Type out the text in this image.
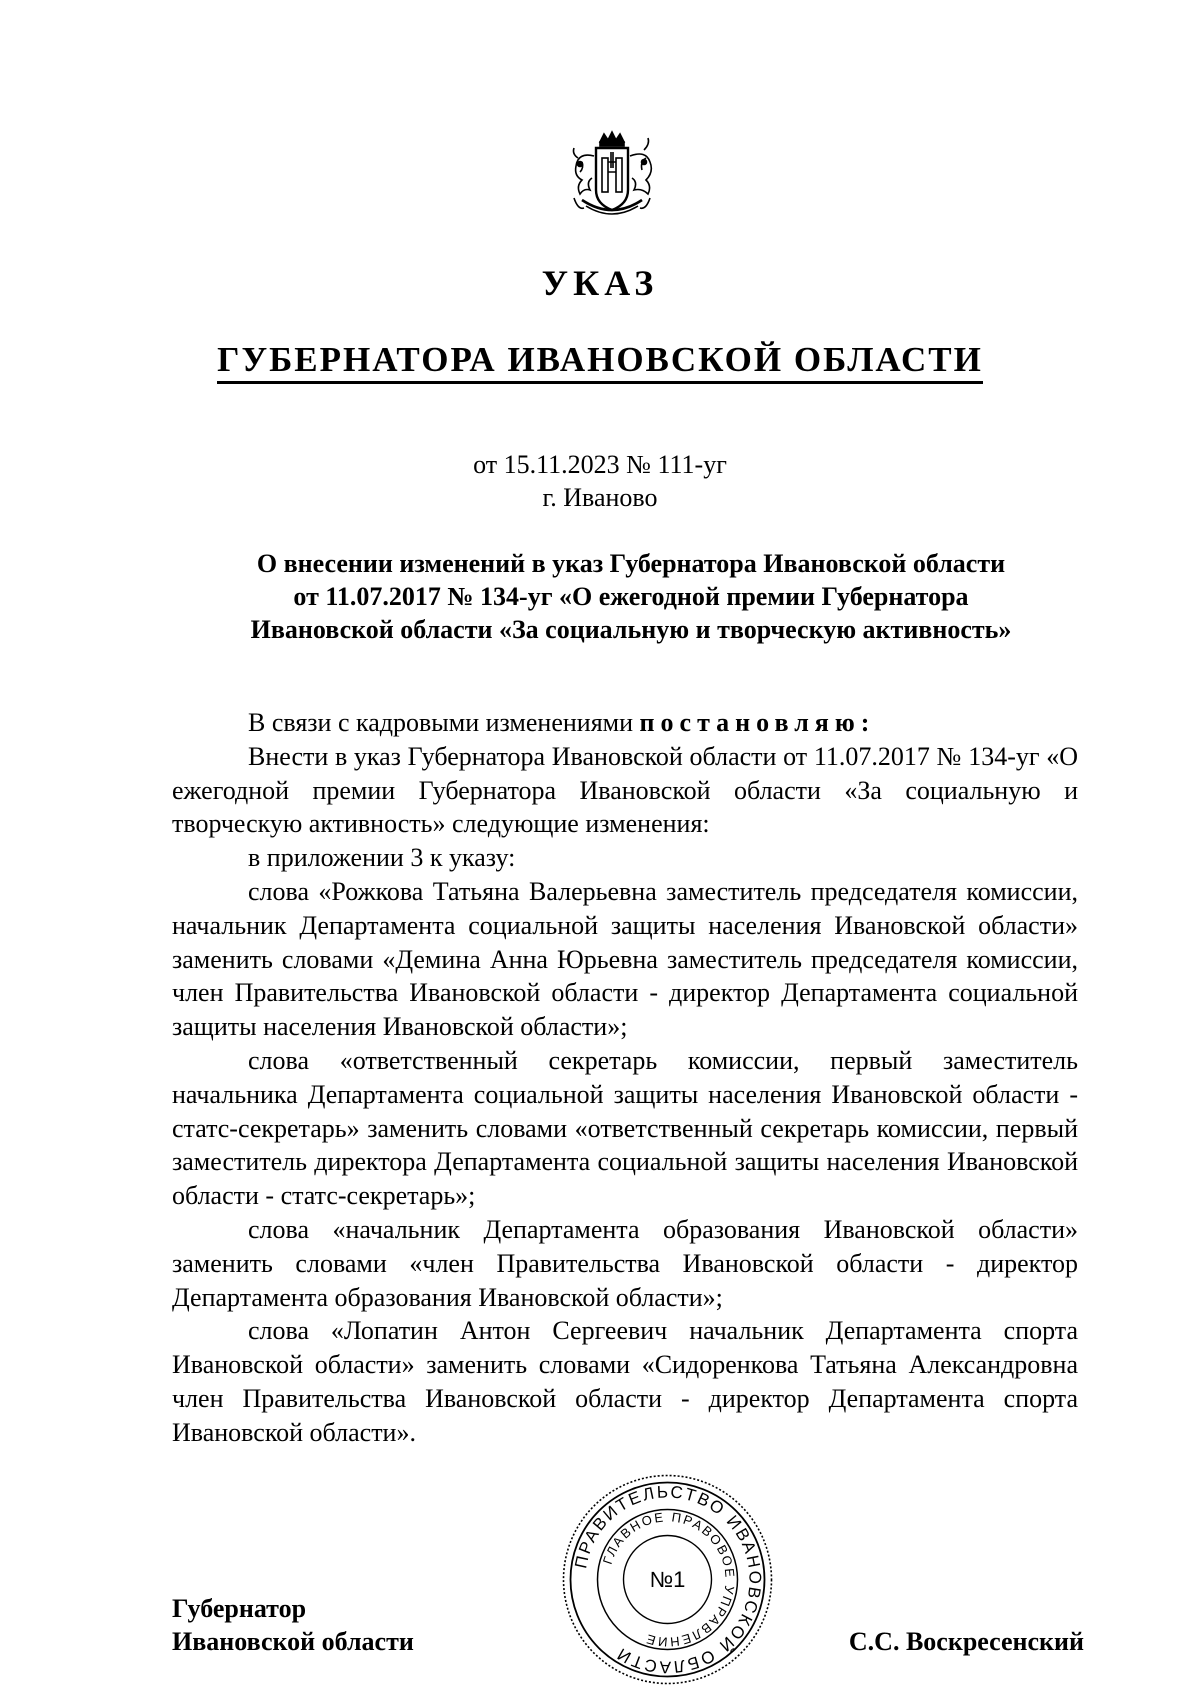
УКАЗ
ГУБЕРНАТОРА ИВАНОВСКОЙ ОБЛАСТИ
от 15.11.2023 № 111-уг
г. Иваново
О внесении изменений в указ Губернатора Ивановской области
от 11.07.2017 № 134-уг «О ежегодной премии Губернатора
Ивановской области «За социальную и творческую активность»

В связи с кадровыми изменениями постановляю:

Внести в указ Губернатора Ивановской области от 11.07.2017 № 134-уг «О ежегодной премии Губернатора Ивановской области «За социальную и творческую активность» следующие изменения:

в приложении 3 к указу:

слова «Рожкова Татьяна Валерьевна заместитель председателя комиссии, начальник Департамента социальной защиты населения Ивановской области» заменить словами «Демина Анна Юрьевна заместитель председателя комиссии, член Правительства Ивановской области - директор Департамента социальной защиты населения Ивановской области»;

слова «ответственный секретарь комиссии, первый заместитель начальника Департамента социальной защиты населения Ивановской области - статс-секретарь» заменить словами «ответственный секретарь комиссии, первый заместитель директора Департамента социальной защиты населения Ивановской области - статс-секретарь»;

слова «начальник Департамента образования Ивановской области» заменить словами «член Правительства Ивановской области - директор Департамента образования Ивановской области»;

слова «Лопатин Антон Сергеевич начальник Департамента спорта Ивановской области» заменить словами «Сидоренкова Татьяна Александровна член Правительства Ивановской области - директор Департамента спорта Ивановской области».

ПРАВИТЕЛЬСТВО ИВАНОВСКОЙ ОБЛАСТИ
ГЛАВНОЕ ПРАВОВОЕ УПРАВЛЕНИЕ
№1
Губернатор
Ивановской области	С.С. Воскресенский
